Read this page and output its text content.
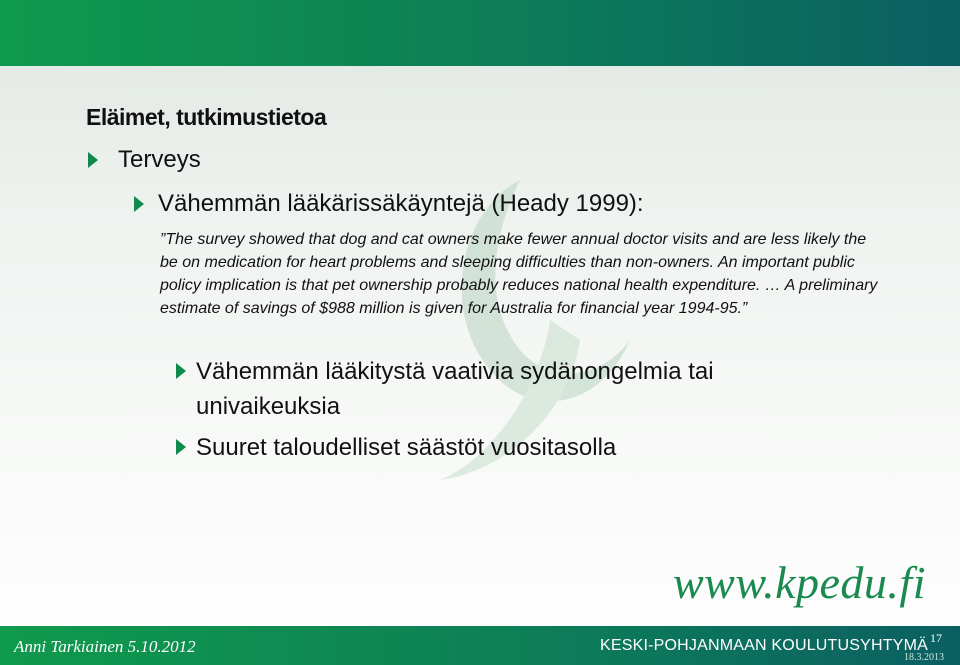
Eläimet, tutkimustietoa
Terveys
Vähemmän lääkärissäkäyntejä (Heady 1999):
”The survey showed that dog and cat owners make fewer annual doctor visits and are less likely the be on medication for heart problems and sleeping difficulties than non-owners. An important public policy implication is that pet ownership probably reduces national health expenditure. … A preliminary estimate of savings of $988 million is given for Australia for financial year 1994-95.”
Vähemmän lääkitystä vaativia sydänongelmia tai univaikeuksia
Suuret taloudelliset säästöt vuositasolla
www.kpedu.fi
Anni Tarkiainen 5.10.2012	KESKI-POHJANMAAN KOULUTUSYHTYMÄ 17
18.3.2013
